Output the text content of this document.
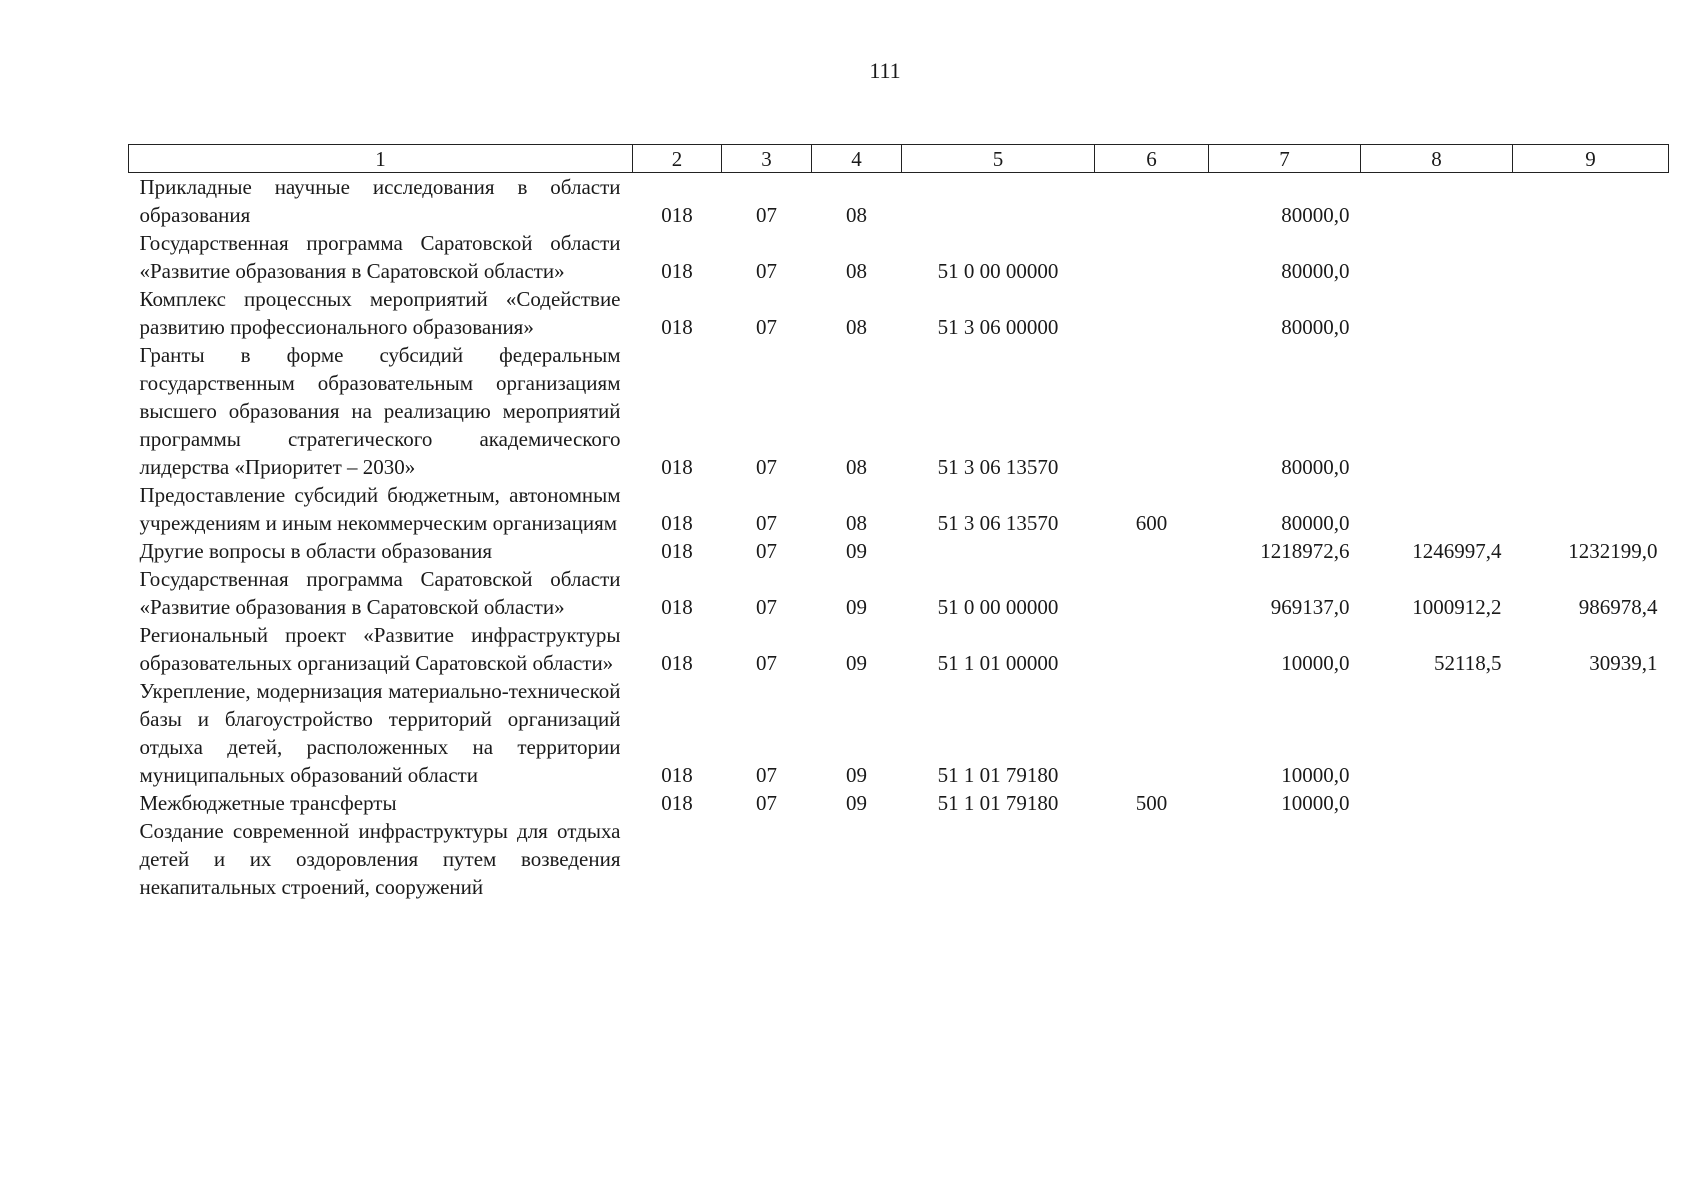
111
1	2	3	4	5	6	7	8	9
Прикладные научные исследования в области образования	018	07	08			80000,0		
Государственная программа Саратовской области «Развитие образования в Саратовской области»	018	07	08	51 0 00 00000		80000,0		
Комплекс процессных мероприятий «Содействие развитию профессионального образования»	018	07	08	51 3 06 00000		80000,0		
Гранты в форме субсидий федеральным государственным образовательным организациям высшего образования на реализацию мероприятий программы стратегического академического лидерства «Приоритет – 2030»	018	07	08	51 3 06 13570		80000,0		
Предоставление субсидий бюджетным, автономным учреждениям и иным некоммерческим организациям	018	07	08	51 3 06 13570	600	80000,0		
Другие вопросы в области образования	018	07	09			1218972,6	1246997,4	1232199,0
Государственная программа Саратовской области «Развитие образования в Саратовской области»	018	07	09	51 0 00 00000		969137,0	1000912,2	986978,4
Региональный проект «Развитие инфраструктуры образовательных организаций Саратовской области»	018	07	09	51 1 01 00000		10000,0	52118,5	30939,1
Укрепление, модернизация материально-технической базы и благоустройство территорий организаций отдыха детей, расположенных на территории муниципальных образований области	018	07	09	51 1 01 79180		10000,0		
Межбюджетные трансферты	018	07	09	51 1 01 79180	500	10000,0		
Создание современной инфраструктуры для отдыха детей и их оздоровления путем возведения некапитальных строений, сооружений								
